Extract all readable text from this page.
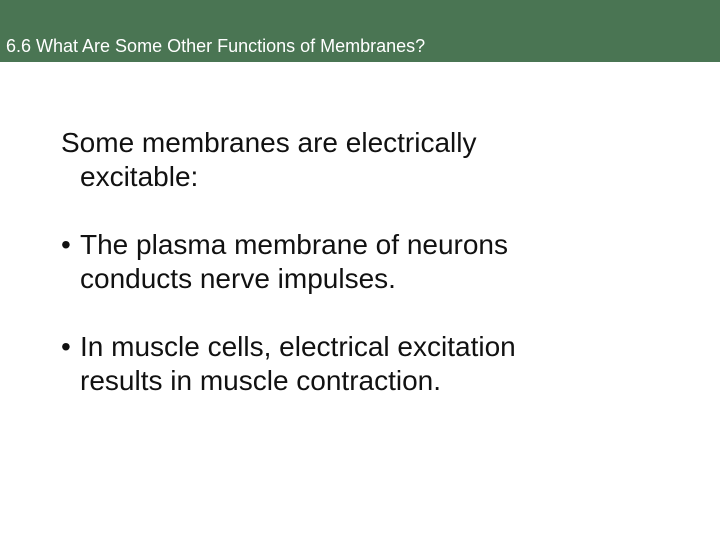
6.6 What Are Some Other Functions of Membranes?

Some membranes are electrically
excitable:

• The plasma membrane of neurons
conducts nerve impulses.
• In muscle cells, electrical excitation
results in muscle contraction.
